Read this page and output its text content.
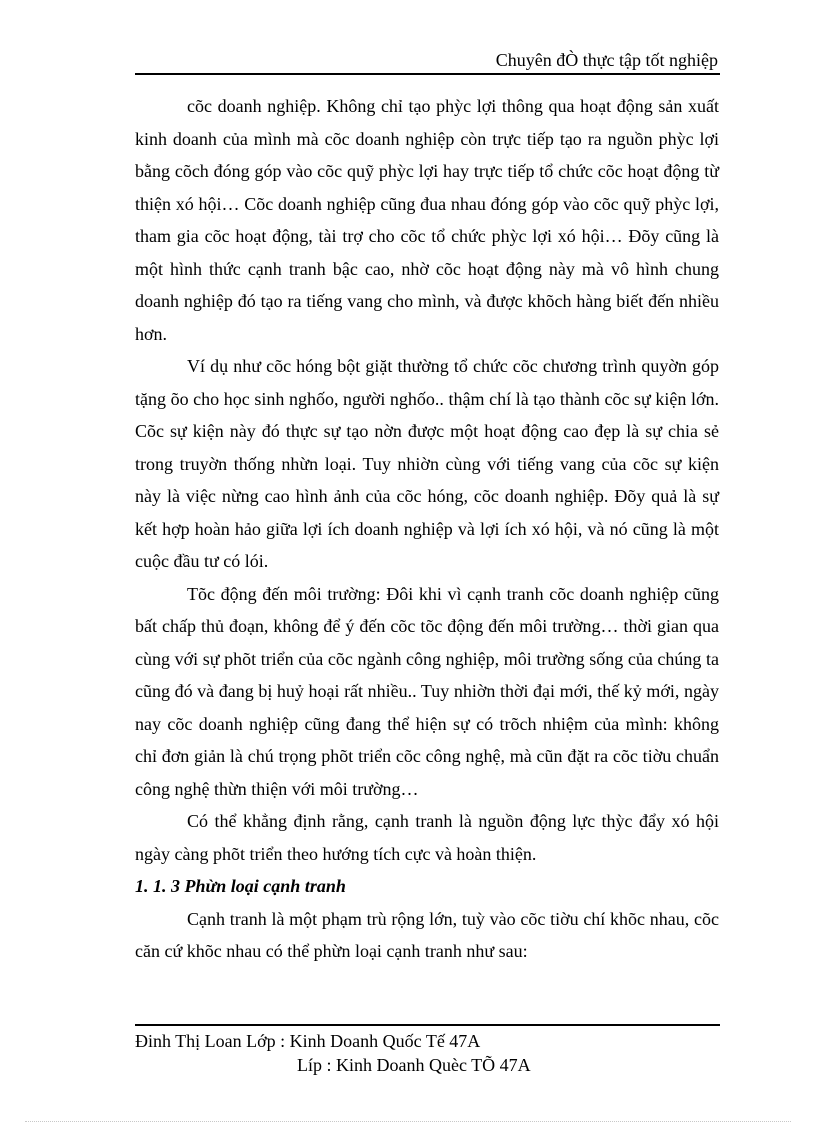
Chuyên đÒ thực tập tốt nghiệp

cõc doanh nghiệp. Không chỉ tạo phỳc lợi thông qua hoạt động sản xuất kinh doanh của mình mà cõc doanh nghiệp còn trực tiếp tạo ra nguồn phỳc lợi bằng cõch đóng góp vào cõc quỹ phỳc lợi hay trực tiếp tổ chức cõc hoạt động từ thiện xó hội… Cõc doanh nghiệp cũng đua nhau đóng góp vào cõc quỹ phỳc lợi, tham gia cõc hoạt động, tài trợ cho cõc tổ chức phỳc lợi xó hội… Đõy cũng là một hình thức cạnh tranh bậc cao, nhờ cõc hoạt động này mà vô hình chung doanh nghiệp đó tạo ra tiếng vang cho mình, và được khõch hàng biết đến nhiều hơn.

Ví dụ như cõc hóng bột giặt thường tổ chức cõc chương trình quyờn góp tặng õo cho học sinh nghốo, người nghốo.. thậm chí là tạo thành cõc sự kiện lớn. Cõc sự kiện này đó thực sự tạo nờn được một hoạt động cao đẹp là sự chia sẻ trong truyờn thống nhừn loại. Tuy nhiờn cùng với tiếng vang của cõc sự kiện này là việc nừng cao hình ảnh của cõc hóng, cõc doanh nghiệp. Đõy quả là sự kết hợp hoàn hảo giữa lợi ích doanh nghiệp và lợi ích xó hội, và nó cũng là một cuộc đầu tư có lói.

Tõc động đến môi trường: Đôi khi vì cạnh tranh cõc doanh nghiệp cũng bất chấp thủ đoạn, không để ý đến cõc tõc động đến môi trường… thời gian qua cùng với sự phõt triển của cõc ngành công nghiệp, môi trường sống của chúng ta cũng đó và đang bị huỷ hoại rất nhiều.. Tuy nhiờn thời đại mới, thế kỷ mới, ngày nay cõc doanh nghiệp cũng đang thể hiện sự có trõch nhiệm của mình: không chỉ đơn giản là chú trọng phõt triển cõc công nghệ, mà cũn đặt ra cõc tiờu chuẩn công nghệ thừn thiện với môi trường…

Có thể khẳng định rằng, cạnh tranh là nguồn động lực thỳc đẩy xó hội ngày càng phõt triển theo hướng tích cực và hoàn thiện.

1. 1. 3 Phừn loại cạnh tranh

Cạnh tranh là một phạm trù rộng lớn, tuỳ vào cõc tiờu chí khõc nhau, cõc căn cứ khõc nhau có thể phừn loại cạnh tranh như sau:

Đinh Thị Loan Lớp : Kinh Doanh Quốc Tế 47A
Líp : Kinh Doanh Quèc TÕ 47A
